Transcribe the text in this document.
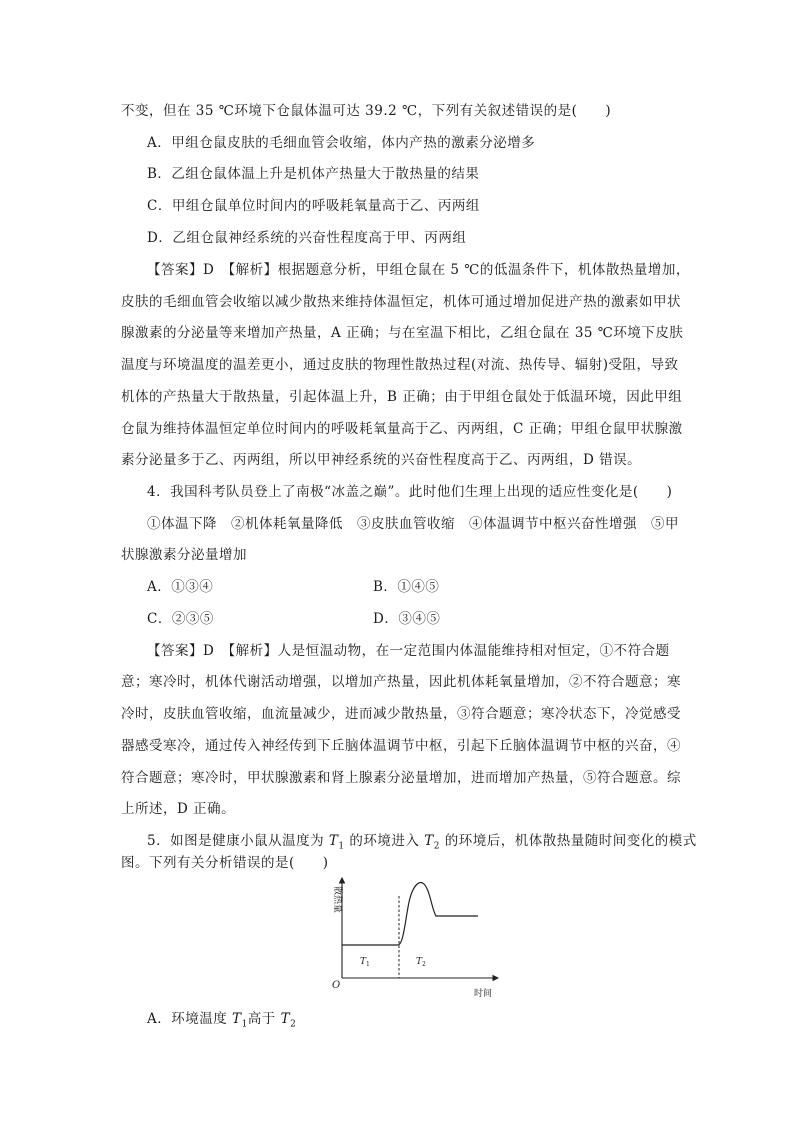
不变，但在 35 ℃环境下仓鼠体温可达 39.2 ℃，下列有关叙述错误的是(　　)
A．甲组仓鼠皮肤的毛细血管会收缩，体内产热的激素分泌增多
B．乙组仓鼠体温上升是机体产热量大于散热量的结果
C．甲组仓鼠单位时间内的呼吸耗氧量高于乙、丙两组
D．乙组仓鼠神经系统的兴奋性程度高于甲、丙两组
【答案】D　【解析】根据题意分析，甲组仓鼠在 5 ℃的低温条件下，机体散热量增加，
皮肤的毛细血管会收缩以减少散热来维持体温恒定，机体可通过增加促进产热的激素如甲状
腺激素的分泌量等来增加产热量，A 正确；与在室温下相比，乙组仓鼠在 35 ℃环境下皮肤
温度与环境温度的温差更小，通过皮肤的物理性散热过程(对流、热传导、辐射)受阻，导致
机体的产热量大于散热量，引起体温上升，B 正确；由于甲组仓鼠处于低温环境，因此甲组
仓鼠为维持体温恒定单位时间内的呼吸耗氧量高于乙、丙两组，C 正确；甲组仓鼠甲状腺激
素分泌量多于乙、丙两组，所以甲神经系统的兴奋性程度高于乙、丙两组，D 错误。
4．我国科考队员登上了南极“冰盖之巅”。此时他们生理上出现的适应性变化是(　　)
①体温下降　②机体耗氧量降低　③皮肤血管收缩　④体温调节中枢兴奋性增强　⑤甲
状腺激素分泌量增加
A．①③④	B．①④⑤
C．②③⑤	D．③④⑤
【答案】D　【解析】人是恒温动物，在一定范围内体温能维持相对恒定，①不符合题
意；寒冷时，机体代谢活动增强，以增加产热量，因此机体耗氧量增加，②不符合题意；寒
冷时，皮肤血管收缩，血流量减少，进而减少散热量，③符合题意；寒冷状态下，冷觉感受
器感受寒冷，通过传入神经传到下丘脑体温调节中枢，引起下丘脑体温调节中枢的兴奋，④
符合题意；寒冷时，甲状腺激素和肾上腺素分泌量增加，进而增加产热量，⑤符合题意。综
上所述，D 正确。
5．如图是健康小鼠从温度为 $T_1$ 的环境进入 $T_2$ 的环境后，机体散热量随时间变化的模式
图。下列有关分析错误的是(　　)
散热量
O
时间
$T_1$	$T_2$
A．环境温度 $T_1$高于 $T_2$
